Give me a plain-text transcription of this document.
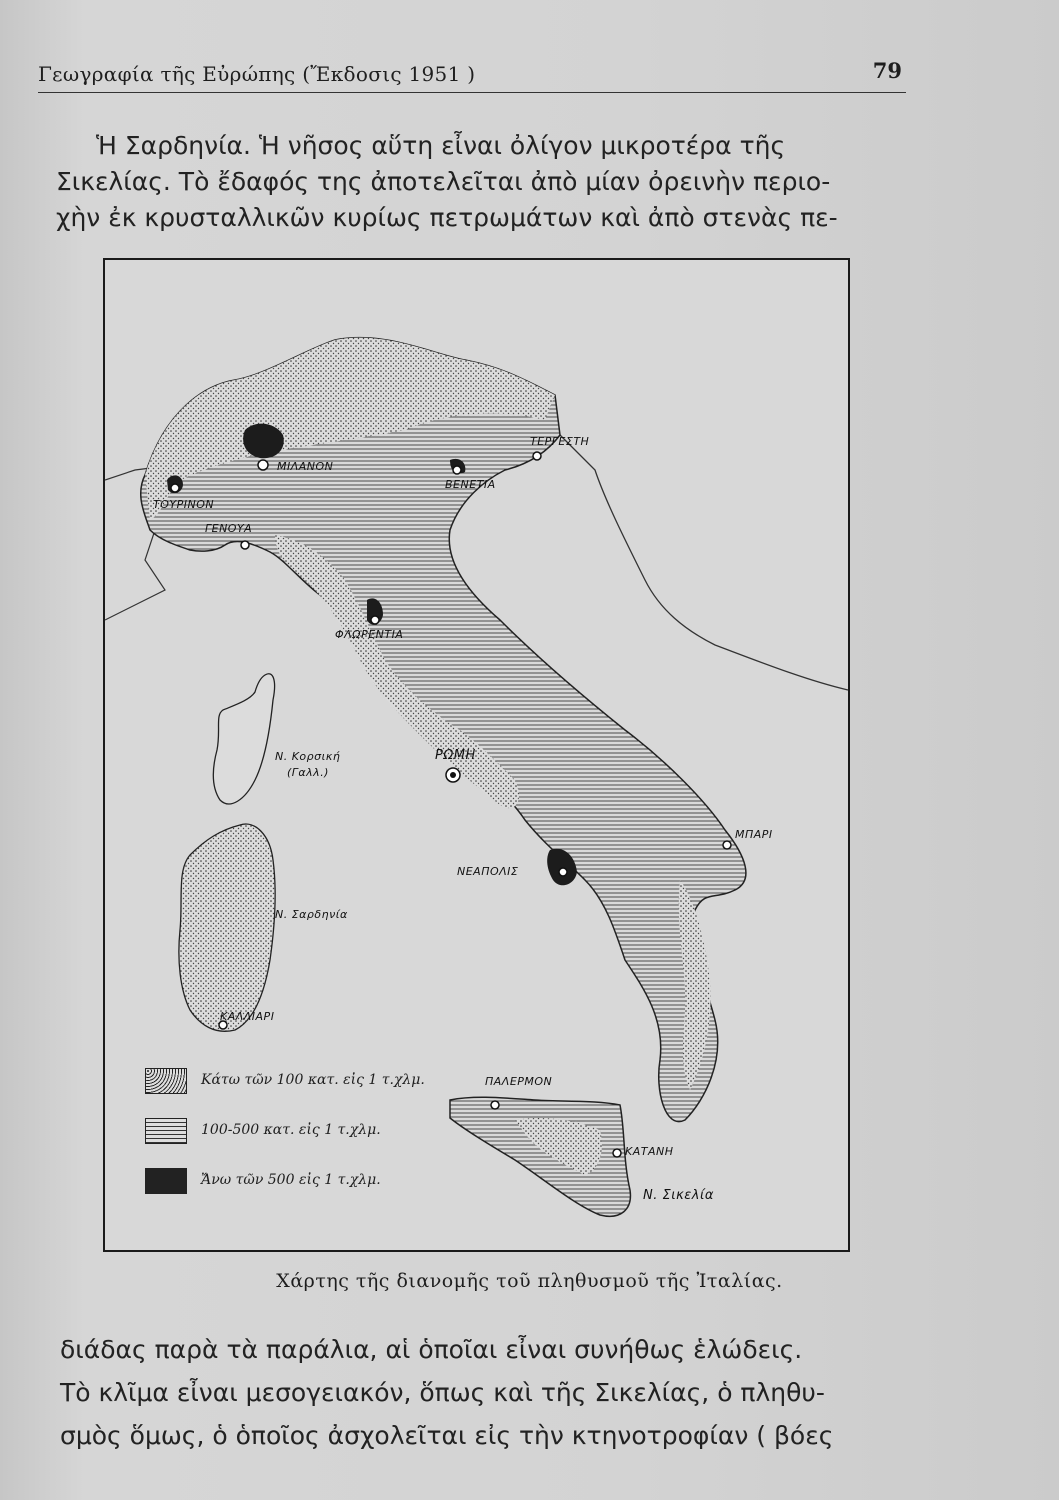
Γεωγραφία τῆς Εὐρώπης (Ἔκδοσις 1951 )	79
Ἡ Σαρδηνία. Ἡ νῆσος αὕτη εἶναι ὀλίγον μικροτέρα τῆς
Σικελίας. Τὸ ἔδαφός της ἀποτελεῖται ἀπὸ μίαν ὀρεινὴν περιο-
χὴν ἐκ κρυσταλλικῶν κυρίως πετρωμάτων καὶ ἀπὸ στενὰς πε-
ΜΙΛΑΝΟΝ
ΤΕΡΓΕΣΤΗ
ΤΟΥΡΙΝΟΝ
ΒΕΝΕΤΙΑ
ΓΕΝΟΥΑ
ΦΛΩΡΕΝΤΙΑ
ΡΩΜΗ
ΜΠΑΡΙ
ΝΕΑΠΟΛΙΣ
ΚΑΛΛΙΑΡΙ
ΠΑΛΕΡΜΟΝ
ΚΑΤΑΝΗ
Ν. Κορσική
(Γαλλ.)
Ν. Σαρδηνία
Ν. Σικελία
Κάτω τῶν 100 κατ. εἰς 1 τ.χλμ.
100-500 κατ. εἰς 1 τ.χλμ.
Ἄνω τῶν 500 εἰς 1 τ.χλμ.
Χάρτης τῆς διανομῆς τοῦ πληθυσμοῦ τῆς Ἰταλίας.
διάδας παρὰ τὰ παράλια, αἱ ὁποῖαι εἶναι συνήθως ἑλώδεις.
Τὸ κλῖμα εἶναι μεσογειακόν, ὅπως καὶ τῆς Σικελίας, ὁ πληθυ-
σμὸς ὅμως, ὁ ὁποῖος ἀσχολεῖται εἰς τὴν κτηνοτροφίαν ( βόες
